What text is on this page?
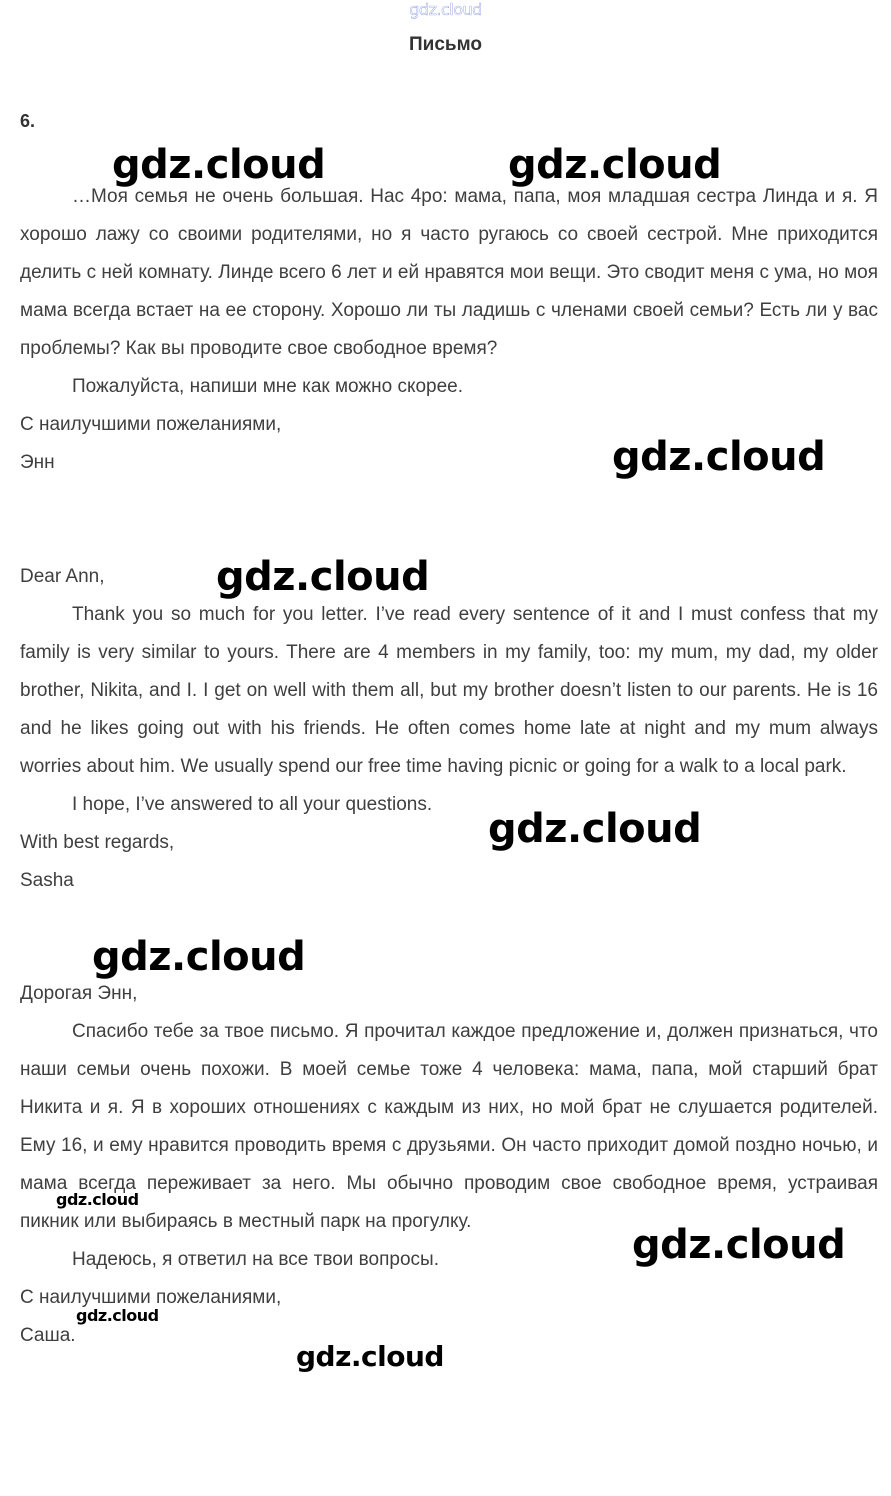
gdz.cloud
Письмо
6.

…Моя семья не очень большая. Нас 4ро: мама, папа, моя младшая сестра Линда и я. Я хорошо лажу со своими родителями, но я часто ругаюсь со своей сестрой. Мне приходится делить с ней комнату. Линде всего 6 лет и ей нравятся мои вещи. Это сводит меня с ума, но моя мама всегда встает на ее сторону. Хорошо ли ты ладишь с членами своей семьи? Есть ли у вас проблемы? Как вы проводите свое свободное время?

Пожалуйста, напиши мне как можно скорее.

С наилучшими пожеланиями,

Энн

Dear Ann,

Thank you so much for you letter. I’ve read every sentence of it and I must confess that my family is very similar to yours. There are 4 members in my family, too: my mum, my dad, my older brother, Nikita, and I. I get on well with them all, but my brother doesn’t listen to our parents. He is 16 and he likes going out with his friends. He often comes home late at night and my mum always worries about him. We usually spend our free time having picnic or going for a walk to a local park.

I hope, I’ve answered to all your questions.

With best regards,

Sasha

Дорогая Энн,

Спасибо тебе за твое письмо. Я прочитал каждое предложение и, должен признаться, что наши семьи очень похожи. В моей семье тоже 4 человека: мама, папа, мой старший брат Никита и я. Я в хороших отношениях с каждым из них, но мой брат не слушается родителей. Ему 16, и ему нравится проводить время с друзьями. Он часто приходит домой поздно ночью, и мама всегда переживает за него. Мы обычно проводим свое свободное время, устраивая пикник или выбираясь в местный парк на прогулку.

Надеюсь, я ответил на все твои вопросы.

С наилучшими пожеланиями,

Саша.

gdz.cloud	gdz.cloud
gdz.cloud
gdz.cloud
gdz.cloud
gdz.cloud
gdz.cloud
gdz.cloud
gdz.cloud
gdz.cloud
